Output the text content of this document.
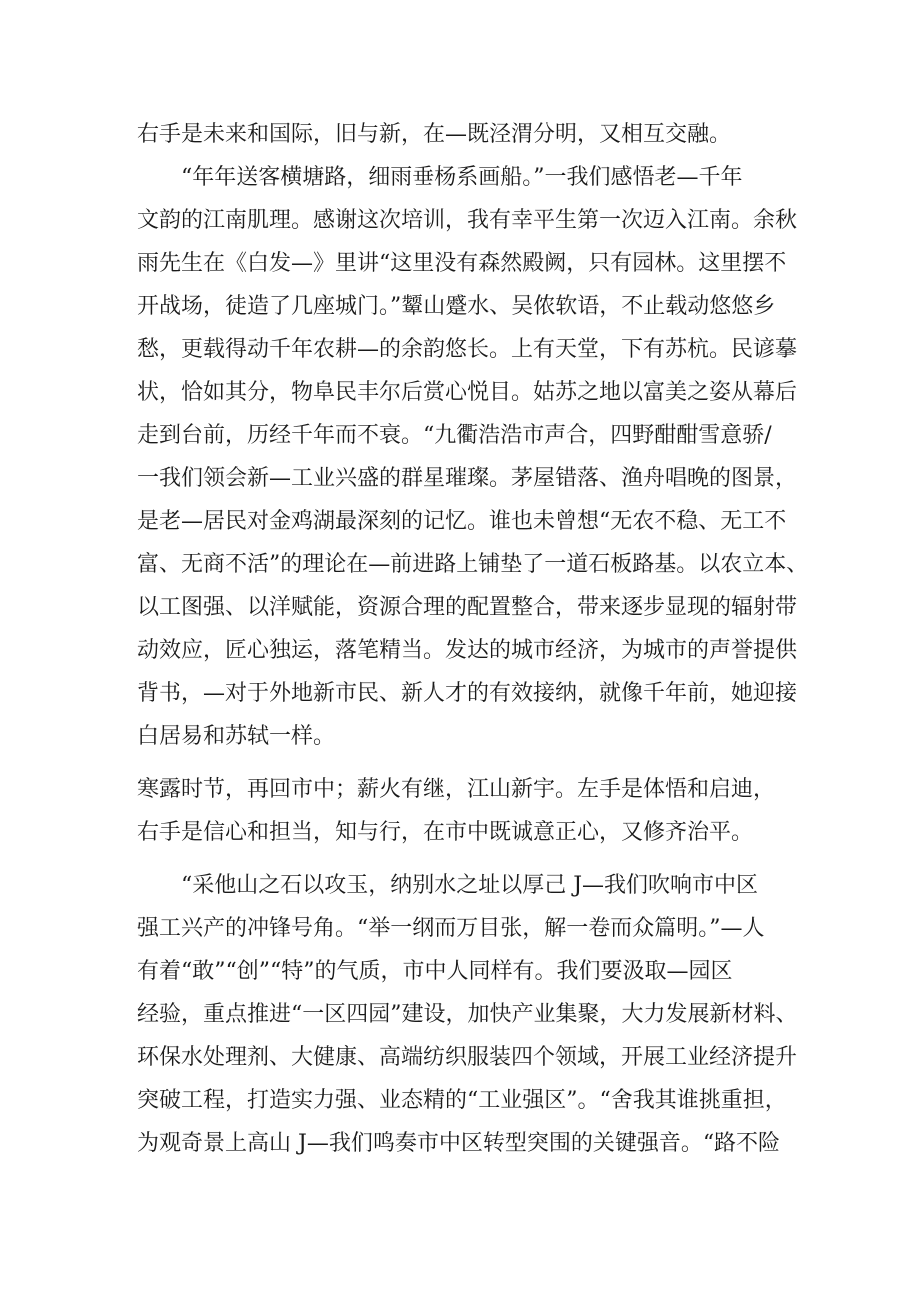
右手是未来和国际，旧与新，在—既泾渭分明，又相互交融。
　　“年年送客横塘路，细雨垂杨系画船。”一我们感悟老—千年
文韵的江南肌理。感谢这次培训，我有幸平生第一次迈入江南。余秋
雨先生在《白发—》里讲“这里没有森然殿阙，只有园林。这里摆不
开战场，徒造了几座城门。”颦山蹙水、吴侬软语，不止载动悠悠乡
愁，更载得动千年农耕—的余韵悠长。上有天堂，下有苏杭。民谚摹
状，恰如其分，物阜民丰尔后赏心悦目。姑苏之地以富美之姿从幕后
走到台前，历经千年而不衰。“九衢浩浩市声合，四野酣酣雪意骄/
一我们领会新—工业兴盛的群星璀璨。茅屋错落、渔舟唱晚的图景，
是老—居民对金鸡湖最深刻的记忆。谁也未曾想“无农不稳、无工不
富、无商不活”的理论在—前进路上铺垫了一道石板路基。以农立本、
以工图强、以洋赋能，资源合理的配置整合，带来逐步显现的辐射带
动效应，匠心独运，落笔精当。发达的城市经济，为城市的声誉提供
背书，—对于外地新市民、新人才的有效接纳，就像千年前，她迎接
白居易和苏轼一样。
寒露时节，再回市中；薪火有继，江山新宇。左手是体悟和启迪，
右手是信心和担当，知与行，在市中既诚意正心，又修齐治平。
　　“采他山之石以攻玉，纳别水之址以厚己 J—我们吹响市中区
强工兴产的冲锋号角。“举一纲而万目张，解一卷而众篇明。”—人
有着“敢”“创”“特”的气质，市中人同样有。我们要汲取—园区
经验，重点推进“一区四园”建设，加快产业集聚，大力发展新材料、
环保水处理剂、大健康、高端纺织服装四个领域，开展工业经济提升
突破工程，打造实力强、业态精的“工业强区”。“舍我其谁挑重担，
为观奇景上高山 J—我们鸣奏市中区转型突围的关键强音。“路不险
